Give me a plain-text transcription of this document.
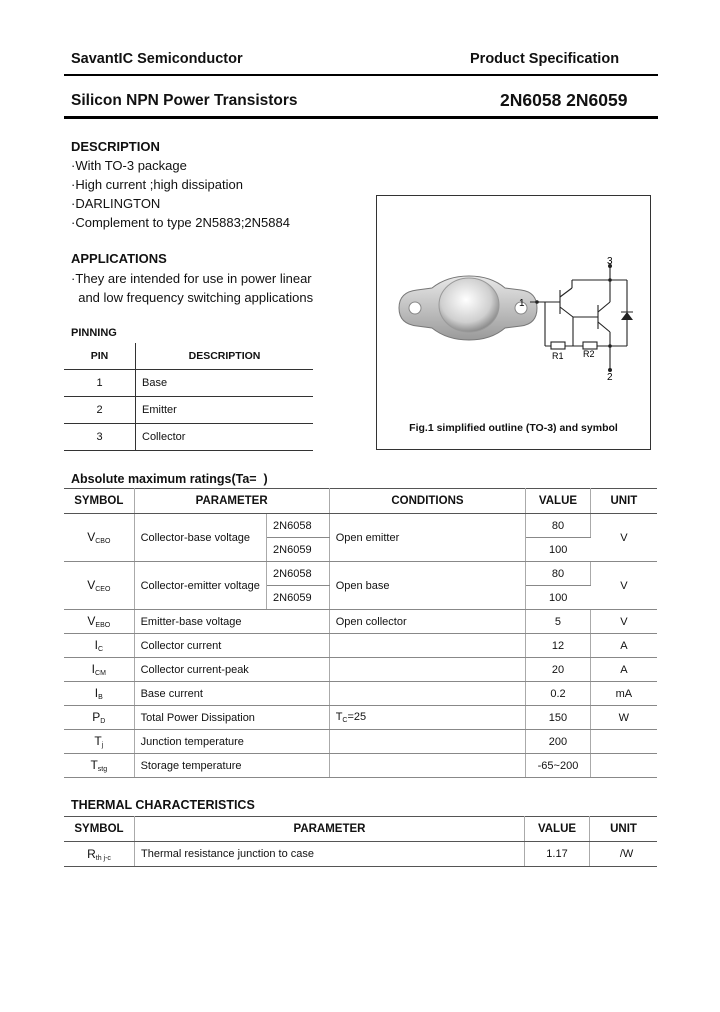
SavantIC Semiconductor	Product Specification
Silicon NPN Power Transistors	2N6058 2N6059
DESCRIPTION
·With TO-3 package
·High current ;high dissipation
·DARLINGTON
·Complement to type 2N5883;2N5884
APPLICATIONS
·They are intended for use in power linear
and low frequency switching applications
PINNING
PIN	DESCRIPTION
1	Base
2	Emitter
3	Collector
1
3
2
R1 R2
Fig.1 simplified outline (TO-3) and symbol
Absolute maximum ratings(Ta=  )
SYMBOL	PARAMETER		CONDITIONS	VALUE	UNIT
$V_{CBO}$	Collector-base voltage	2N6058	Open emitter	80	V
		2N6059		100	
$V_{CEO}$	Collector-emitter voltage	2N6058	Open base	80	V
		2N6059		100	
$V_{EBO}$	Emitter-base voltage		Open collector	5	V
$I_C$	Collector current			12	A
$I_{CM}$	Collector current-peak			20	A
$I_B$	Base current			0.2	mA
$P_D$	Total Power Dissipation		$T_C=25$	150	W
$T_j$	Junction temperature			200	
$T_{stg}$	Storage temperature			-65~200	
THERMAL CHARACTERISTICS
SYMBOL	PARAMETER	VALUE	UNIT
$R_{th j-c}$	Thermal resistance junction to case	1.17	/W
